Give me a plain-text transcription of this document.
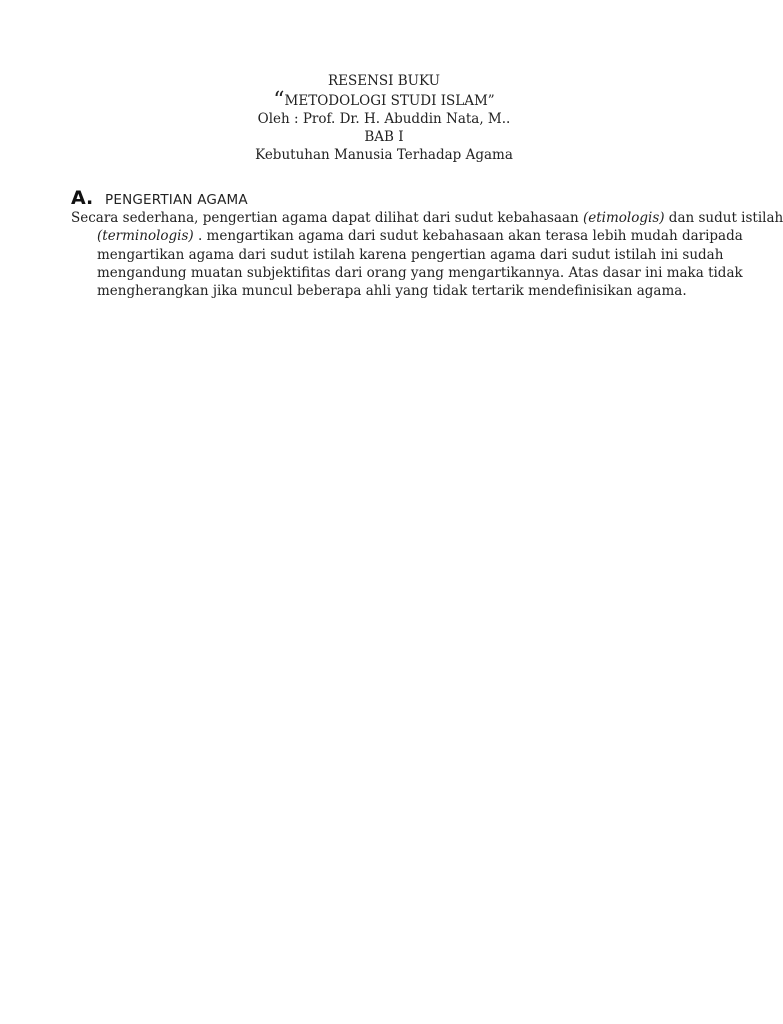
RESENSI BUKU
“METODOLOGI STUDI ISLAM”
Oleh : Prof. Dr. H. Abuddin Nata, M..
BAB I
Kebutuhan Manusia Terhadap Agama
A. PENGERTIAN AGAMA
Secara sederhana, pengertian agama dapat dilihat dari sudut kebahasaan (etimologis) dan sudut istilah
(terminologis) . mengartikan agama dari sudut kebahasaan akan terasa lebih mudah daripada
mengartikan agama dari sudut istilah karena pengertian agama dari sudut istilah ini sudah
mengandung muatan subjektifitas dari orang yang mengartikannya. Atas dasar ini maka tidak
mengherangkan jika muncul beberapa ahli yang tidak tertarik mendefinisikan agama.
